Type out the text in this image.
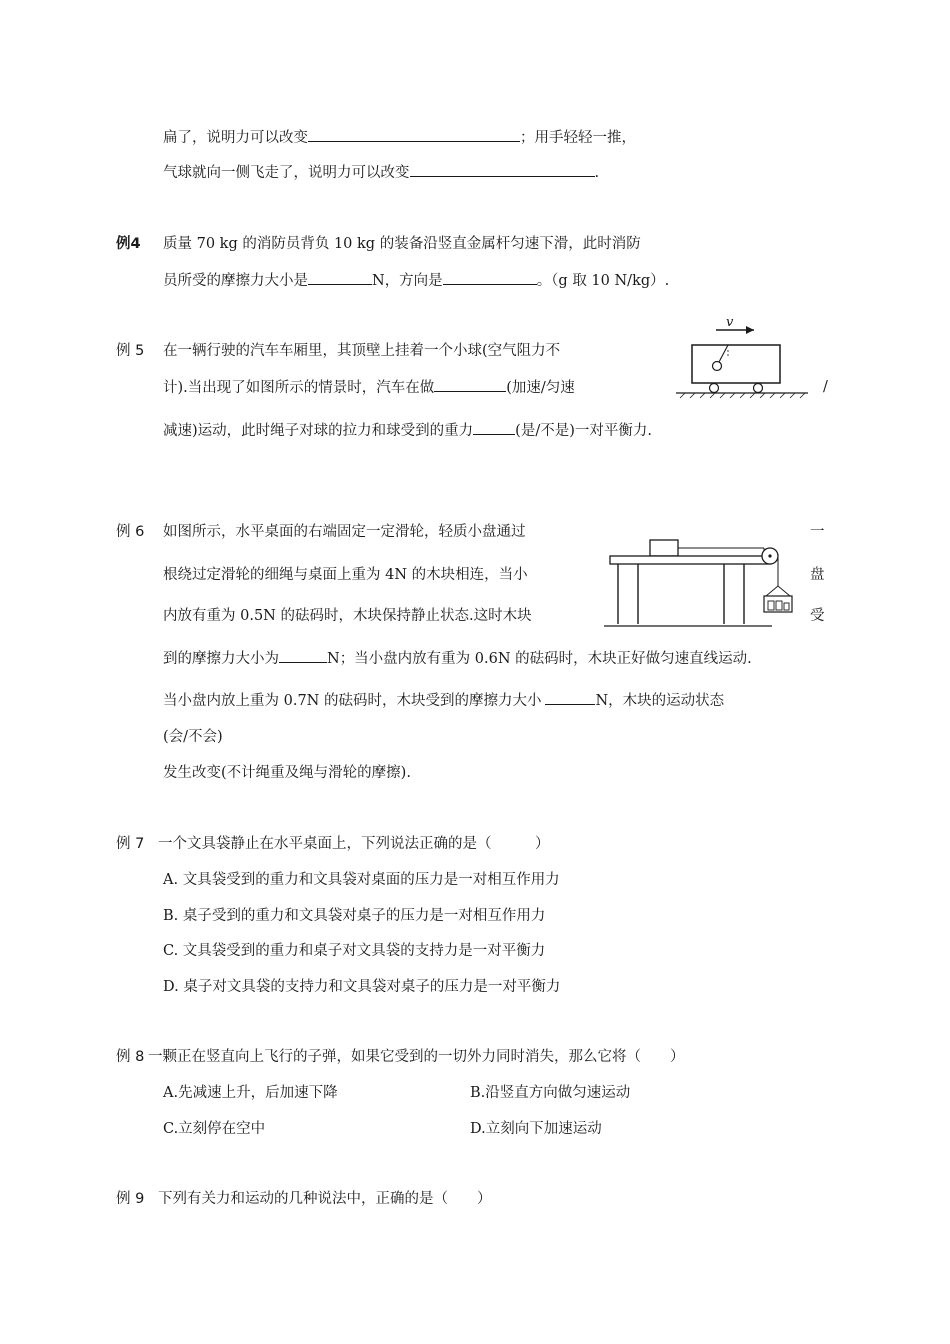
扁了，说明力可以改变	；用手轻轻一推，
气球就向一侧飞走了，说明力可以改变	.
例4 质量 70 kg 的消防员背负 10 kg 的装备沿竖直金属杆匀速下滑，此时消防
员所受的摩擦力大小是	N，方向是	。（g 取 10 N/kg）.
例 5 在一辆行驶的汽车车厢里，其顶壁上挂着一个小球(空气阻力不
计).当出现了如图所示的情景时，汽车在做	(加速/匀速	/
减速)运动，此时绳子对球的拉力和球受到的重力	(是/不是)一对平衡力.
v
例 6 如图所示，水平桌面的右端固定一定滑轮，轻质小盘通过	一
根绕过定滑轮的细绳与桌面上重为 4N 的木块相连，当小	盘
内放有重为 0.5N 的砝码时，木块保持静止状态.这时木块	受
到的摩擦力大小为	N；当小盘内放有重为 0.6N 的砝码时，木块正好做匀速直线运动.
当小盘内放上重为 0.7N 的砝码时，木块受到的摩擦力大小	N，木块的运动状态
(会/不会)
发生改变(不计绳重及绳与滑轮的摩擦).
例 7 一个文具袋静止在水平桌面上，下列说法正确的是（　　　）
A. 文具袋受到的重力和文具袋对桌面的压力是一对相互作用力
B. 桌子受到的重力和文具袋对桌子的压力是一对相互作用力
C. 文具袋受到的重力和桌子对文具袋的支持力是一对平衡力
D. 桌子对文具袋的支持力和文具袋对桌子的压力是一对平衡力
例 8 一颗正在竖直向上飞行的子弹，如果它受到的一切外力同时消失，那么它将（　　）
A.先减速上升，后加速下降	B.沿竖直方向做匀速运动
C.立刻停在空中	D.立刻向下加速运动
例 9 下列有关力和运动的几种说法中，正确的是（　　）
